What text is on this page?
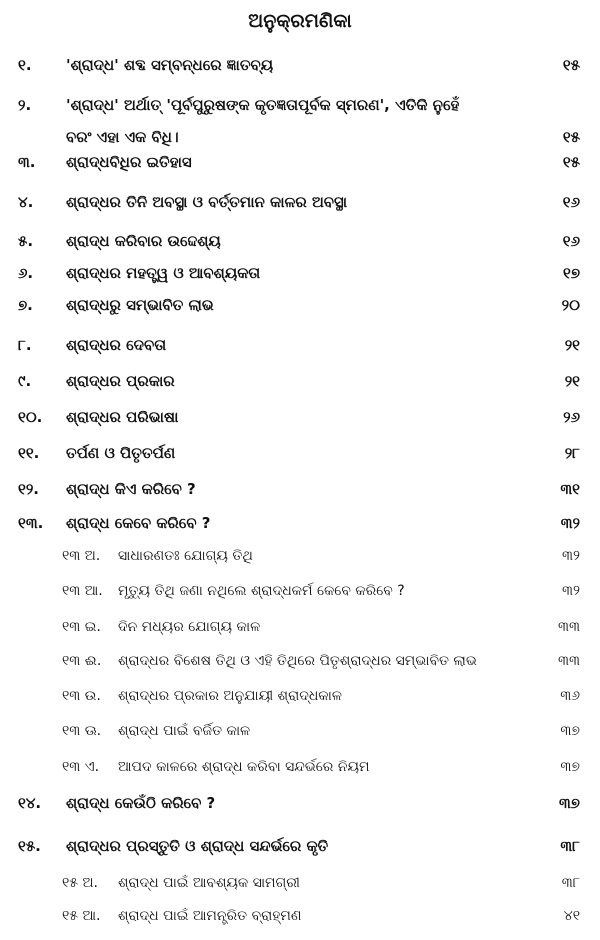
ଅନୁକ୍ରମଣିକା
୧. 'ଶ୍ରାଦ୍ଧ' ଶବ୍ଦ ସମ୍ବନ୍ଧରେ ଜ୍ଞାତବ୍ୟ	୧୫
୨. 'ଶ୍ରାଦ୍ଧ' ଅର୍ଥାତ୍ 'ପୂର୍ବପୁରୁଷଙ୍କ କୃତଜ୍ଞତାପୂର୍ବକ ସ୍ମରଣ', ଏତିକି ନୁହେଁ
ବରଂ ଏହା ଏକ ବିଧି।	୧୫
୩. ଶ୍ରାଦ୍ଧବିଧିର ଇତିହାସ	୧୫
୪. ଶ୍ରାଦ୍ଧର ତିନି ଅବସ୍ଥା ଓ ବର୍ତ୍ତମାନ କାଳର ଅବସ୍ଥା	୧୬
୫. ଶ୍ରାଦ୍ଧ କରିବାର ଉଦ୍ଦେଶ୍ୟ	୧୬
୬. ଶ୍ରାଦ୍ଧର ମହତ୍ତ୍ୱ ଓ ଆବଶ୍ୟକତା	୧୭
୭. ଶ୍ରାଦ୍ଧରୁ ସମ୍ଭାବିତ ଲାଭ	୨୦
୮. ଶ୍ରାଦ୍ଧର ଦେବତା	୨୧
୯. ଶ୍ରାଦ୍ଧର ପ୍ରକାର	୨୧
୧୦. ଶ୍ରାଦ୍ଧର ପରିଭାଷା	୨୬
୧୧. ତର୍ପଣ ଓ ପିତୃତର୍ପଣ	୨୮
୧୨. ଶ୍ରାଦ୍ଧ କିଏ କରିବେ ?	୩୧
୧୩. ଶ୍ରାଦ୍ଧ କେବେ କରିବେ ?	୩୨
୧୩ ଅ. ସାଧାରଣତଃ ଯୋଗ୍ୟ ତିଥି	୩୨
୧୩ ଆ. ମୃତ୍ୟୁ ତିଥି ଜଣା ନଥିଲେ ଶ୍ରାଦ୍ଧକର୍ମ କେବେ କରିବେ ?	୩୨
୧୩ ଇ. ଦିନ ମଧ୍ୟର ଯୋଗ୍ୟ କାଳ	୩୩
୧୩ ଈ. ଶ୍ରାଦ୍ଧର ବିଶେଷ ତିଥି ଓ ଏହି ତିଥିରେ ପିତୃଶ୍ରାଦ୍ଧର ସମ୍ଭାବିତ ଲାଭ	୩୩
୧୩ ଉ. ଶ୍ରାଦ୍ଧର ପ୍ରକାର ଅନୁଯାୟୀ ଶ୍ରାଦ୍ଧକାଳ	୩୬
୧୩ ଊ. ଶ୍ରାଦ୍ଧ ପାଇଁ ବର୍ଜିତ କାଳ	୩୭
୧୩ ଏ. ଆପଦ କାଳରେ ଶ୍ରାଦ୍ଧ କରିବା ସନ୍ଦର୍ଭରେ ନିୟମ	୩୭
୧୪. ଶ୍ରାଦ୍ଧ କେଉଁଠି କରିବେ ?	୩୭
୧୫. ଶ୍ରାଦ୍ଧର ପ୍ରସ୍ତୁତି ଓ ଶ୍ରାଦ୍ଧ ସନ୍ଦର୍ଭରେ କୃତି	୩୮
୧୫ ଅ. ଶ୍ରାଦ୍ଧ ପାଇଁ ଆବଶ୍ୟକ ସାମଗ୍ରୀ	୩୮
୧୫ ଆ. ଶ୍ରାଦ୍ଧ ପାଇଁ ଆମନ୍ତ୍ରିତ ବ୍ରାହ୍ମଣ	୪୧
